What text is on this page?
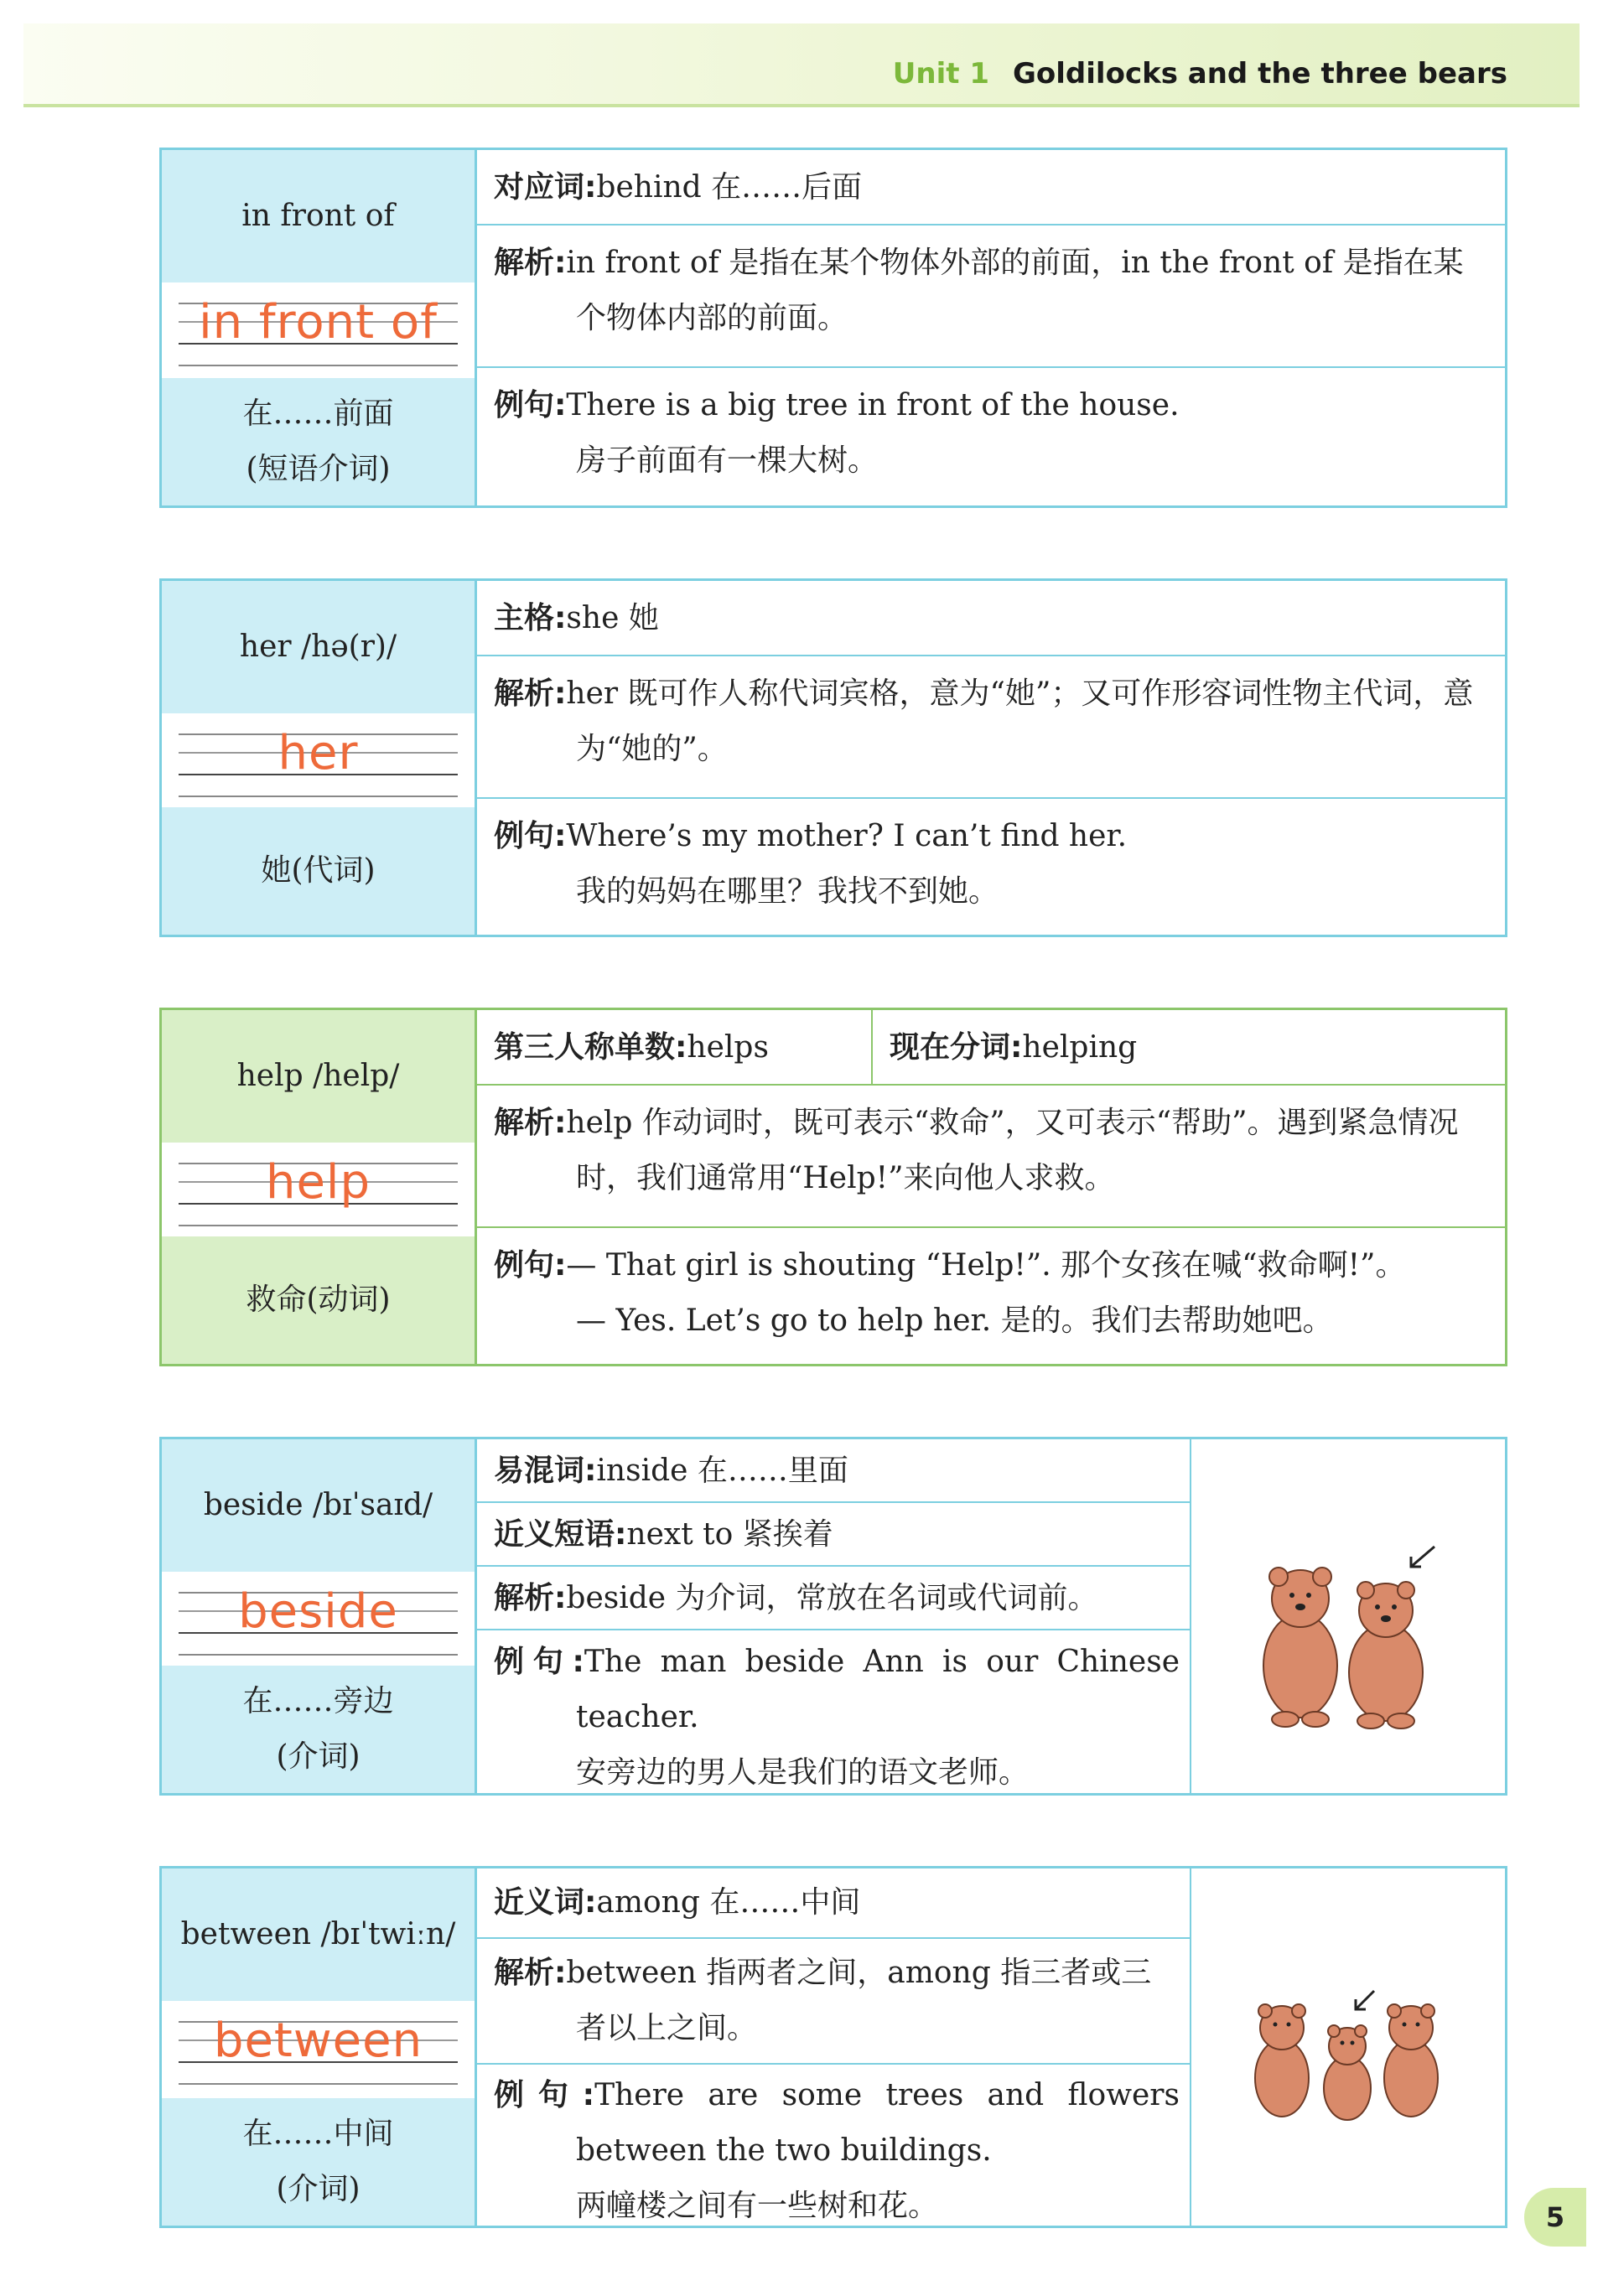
Unit 1 Goldilocks and the three bears
in front of
in front of
在……前面
(短语介词)
对应词:behind 在……后面
解析:in front of 是指在某个物体外部的前面，in the front of 是指在某个物体内部的前面。
例句:There is a big tree in front of the house.
房子前面有一棵大树。
her /hə(r)/
her
她(代词)
主格:she 她
解析:her 既可作人称代词宾格，意为“她”；又可作形容词性物主代词，意为“她的”。
例句:Where’s my mother? I can’t find her.
我的妈妈在哪里？我找不到她。
help /help/
help
救命(动词)
第三人称单数:helps	现在分词:helping
解析:help 作动词时，既可表示“救命”，又可表示“帮助”。遇到紧急情况时，我们通常用“Help!”来向他人求救。
例句:— That girl is shouting “Help!”. 那个女孩在喊“救命啊!”。
— Yes. Let’s go to help her. 是的。我们去帮助她吧。
beside /bɪˈsaɪd/
beside
在……旁边
(介词)
易混词:inside 在……里面
近义短语:next to 紧挨着
解析:beside 为介词，常放在名词或代词前。
例句:The man beside Ann is our Chinese teacher.
安旁边的男人是我们的语文老师。
between /bɪˈtwiːn/
between
在……中间
(介词)
近义词:among 在……中间
解析:between 指两者之间，among 指三者或三者以上之间。
例句:There are some trees and flowers between the two buildings.
两幢楼之间有一些树和花。	5
